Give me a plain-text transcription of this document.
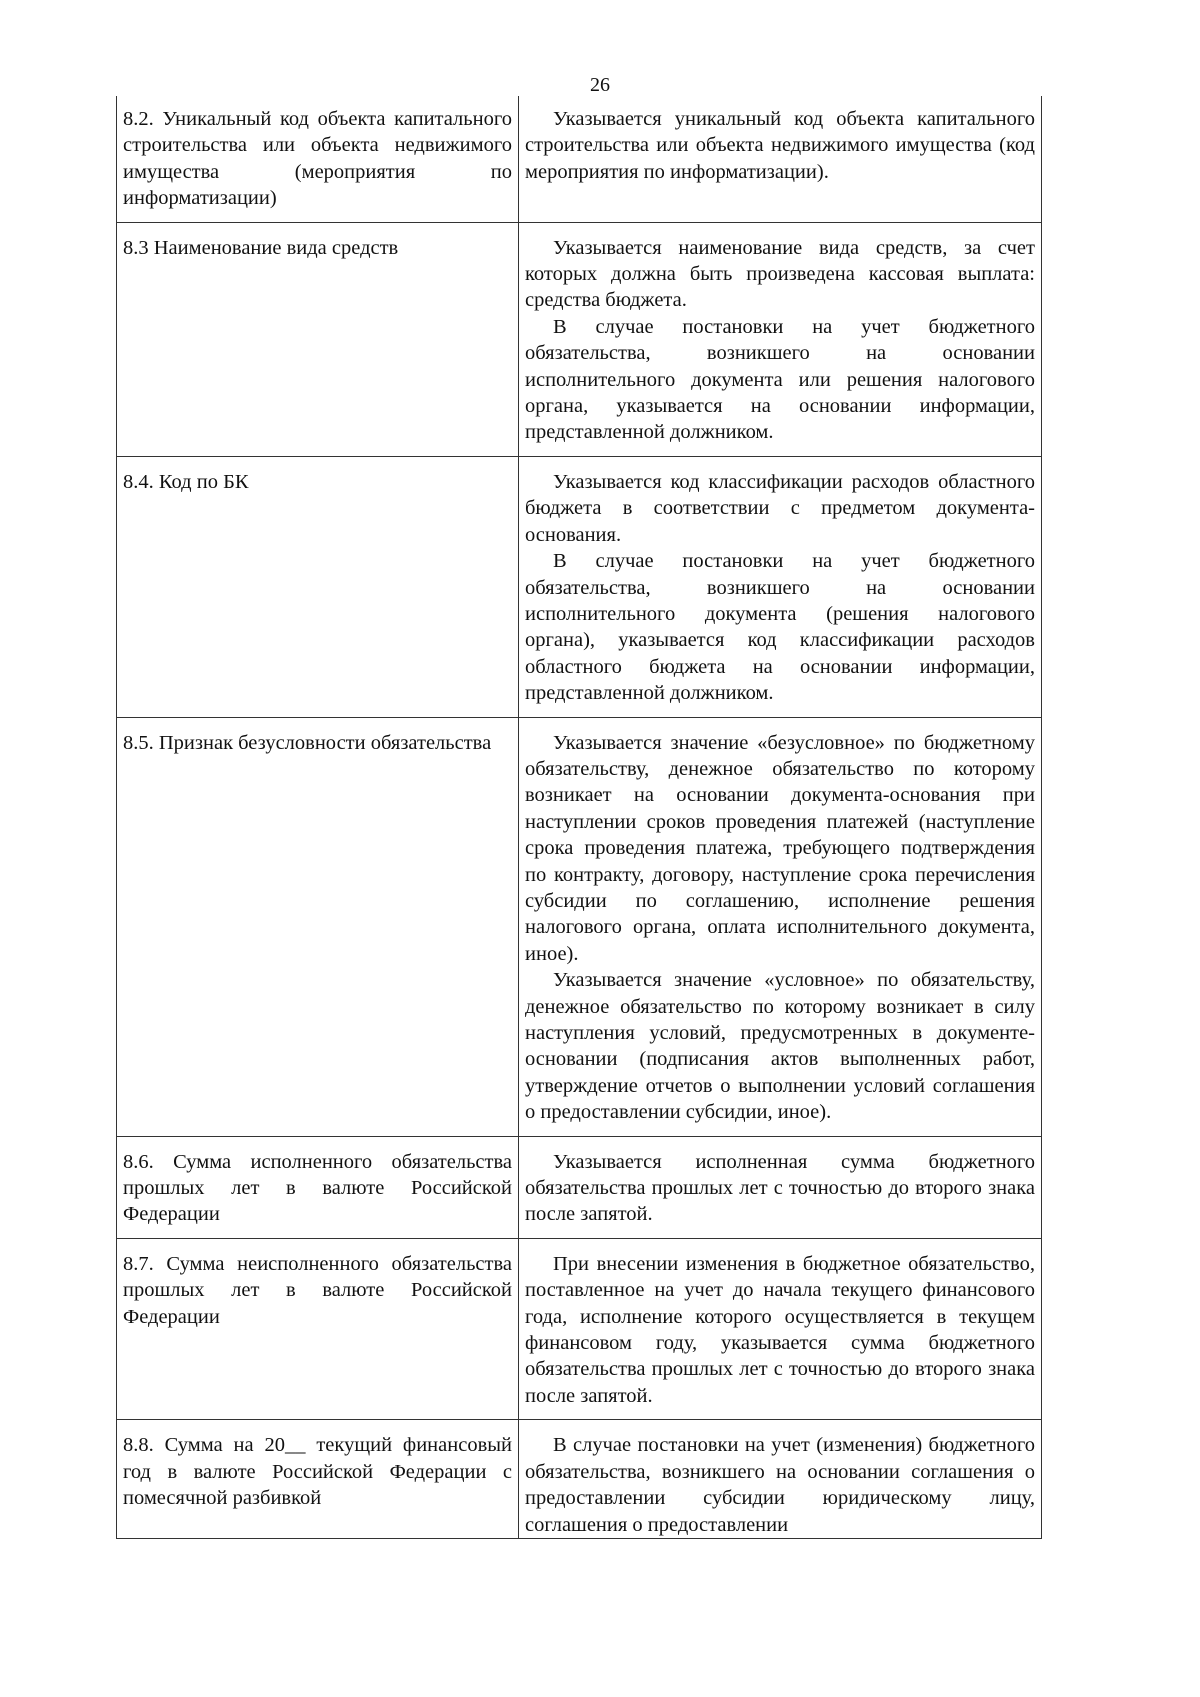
26

8.2. Уникальный код объекта капитального строительства или объекта недвижимого имущества (мероприятия по информатизации)	Указывается уникальный код объекта капитального строительства или объекта недвижимого имущества (код мероприятия по информатизации).

8.3 Наименование вида средств	Указывается наименование вида средств, за счет которых должна быть произведена кассовая выплата: средства бюджета.

В случае постановки на учет бюджетного обязательства, возникшего на основании исполнительного документа или решения налогового органа, указывается на основании информации, представленной должником.

8.4. Код по БК	Указывается код классификации расходов областного бюджета в соответствии с предметом документа-основания.

В случае постановки на учет бюджетного обязательства, возникшего на основании исполнительного документа (решения налогового органа), указывается код классификации расходов областного бюджета на основании информации, представленной должником.

8.5. Признак безусловности обязательства	Указывается значение «безусловное» по бюджетному обязательству, денежное обязательство по которому возникает на основании документа-основания при наступлении сроков проведения платежей (наступление срока проведения платежа, требующего подтверждения по контракту, договору, наступление срока перечисления субсидии по соглашению, исполнение решения налогового органа, оплата исполнительного документа, иное).

Указывается значение «условное» по обязательству, денежное обязательство по которому возникает в силу наступления условий, предусмотренных в документе-основании (подписания актов выполненных работ, утверждение отчетов о выполнении условий соглашения о предоставлении субсидии, иное).

8.6. Сумма исполненного обязательства прошлых лет в валюте Российской Федерации	Указывается исполненная сумма бюджетного обязательства прошлых лет с точностью до второго знака после запятой.

8.7. Сумма неисполненного обязательства прошлых лет в валюте Российской Федерации	При внесении изменения в бюджетное обязательство, поставленное на учет до начала текущего финансового года, исполнение которого осуществляется в текущем финансовом году, указывается сумма бюджетного обязательства прошлых лет с точностью до второго знака после запятой.

8.8. Сумма на 20__ текущий финансовый год в валюте Российской Федерации с помесячной разбивкой	В случае постановки на учет (изменения) бюджетного обязательства, возникшего на основании соглашения о предоставлении субсидии юридическому лицу, соглашения о предоставлении
